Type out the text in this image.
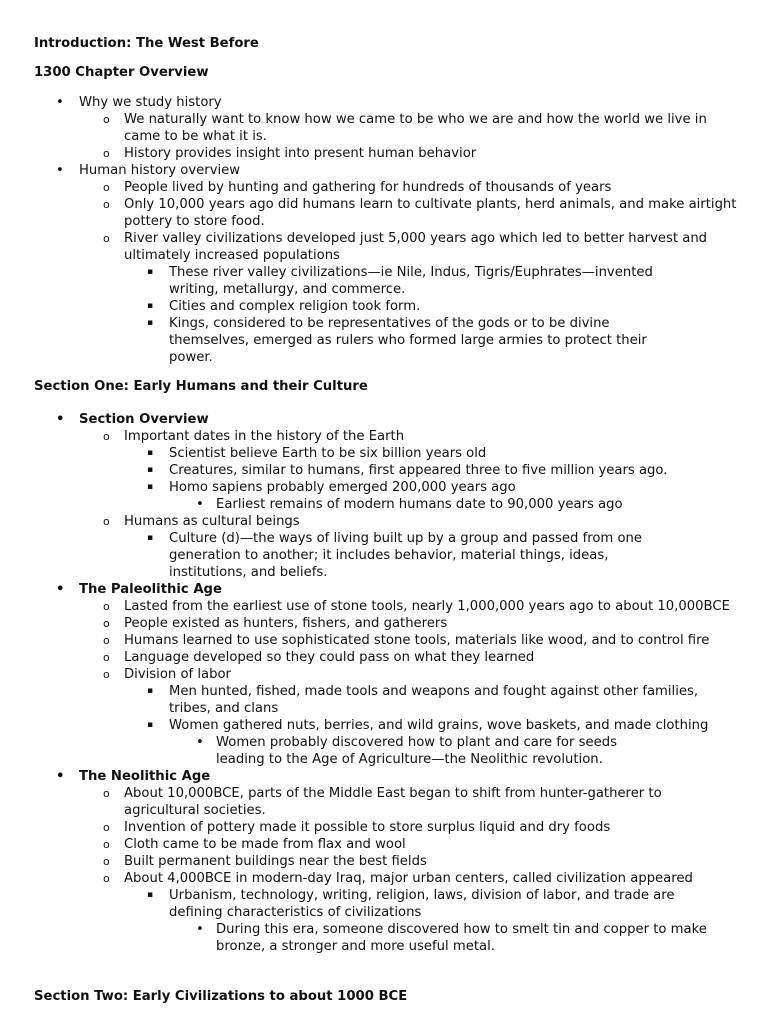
Introduction: The West Before

1300 Chapter Overview

• Why we study history
o We naturally want to know how we came to be who we are and how the world we live in came to be what it is.
o History provides insight into present human behavior
• Human history overview
o People lived by hunting and gathering for hundreds of thousands of years
o Only 10,000 years ago did humans learn to cultivate plants, herd animals, and make airtight pottery to store food.
o River valley civilizations developed just 5,000 years ago which led to better harvest and ultimately increased populations
▪ These river valley civilizations—ie Nile, Indus, Tigris/Euphrates—invented writing, metallurgy, and commerce.
▪ Cities and complex religion took form.
▪ Kings, considered to be representatives of the gods or to be divine themselves, emerged as rulers who formed large armies to protect their power.

Section One: Early Humans and their Culture

• Section Overview
o Important dates in the history of the Earth
▪ Scientist believe Earth to be six billion years old
▪ Creatures, similar to humans, first appeared three to five million years ago.
▪ Homo sapiens probably emerged 200,000 years ago
• Earliest remains of modern humans date to 90,000 years ago
o Humans as cultural beings
▪ Culture (d)—the ways of living built up by a group and passed from one generation to another; it includes behavior, material things, ideas, institutions, and beliefs.
• The Paleolithic Age
o Lasted from the earliest use of stone tools, nearly 1,000,000 years ago to about 10,000BCE
o People existed as hunters, fishers, and gatherers
o Humans learned to use sophisticated stone tools, materials like wood, and to control fire
o Language developed so they could pass on what they learned
o Division of labor
▪ Men hunted, fished, made tools and weapons and fought against other families, tribes, and clans
▪ Women gathered nuts, berries, and wild grains, wove baskets, and made clothing
• Women probably discovered how to plant and care for seeds leading to the Age of Agriculture—the Neolithic revolution.
• The Neolithic Age
o About 10,000BCE, parts of the Middle East began to shift from hunter-gatherer to agricultural societies.
o Invention of pottery made it possible to store surplus liquid and dry foods
o Cloth came to be made from flax and wool
o Built permanent buildings near the best fields
o About 4,000BCE in modern-day Iraq, major urban centers, called civilization appeared
▪ Urbanism, technology, writing, religion, laws, division of labor, and trade are defining characteristics of civilizations
• During this era, someone discovered how to smelt tin and copper to make bronze, a stronger and more useful metal.

Section Two: Early Civilizations to about 1000 BCE
